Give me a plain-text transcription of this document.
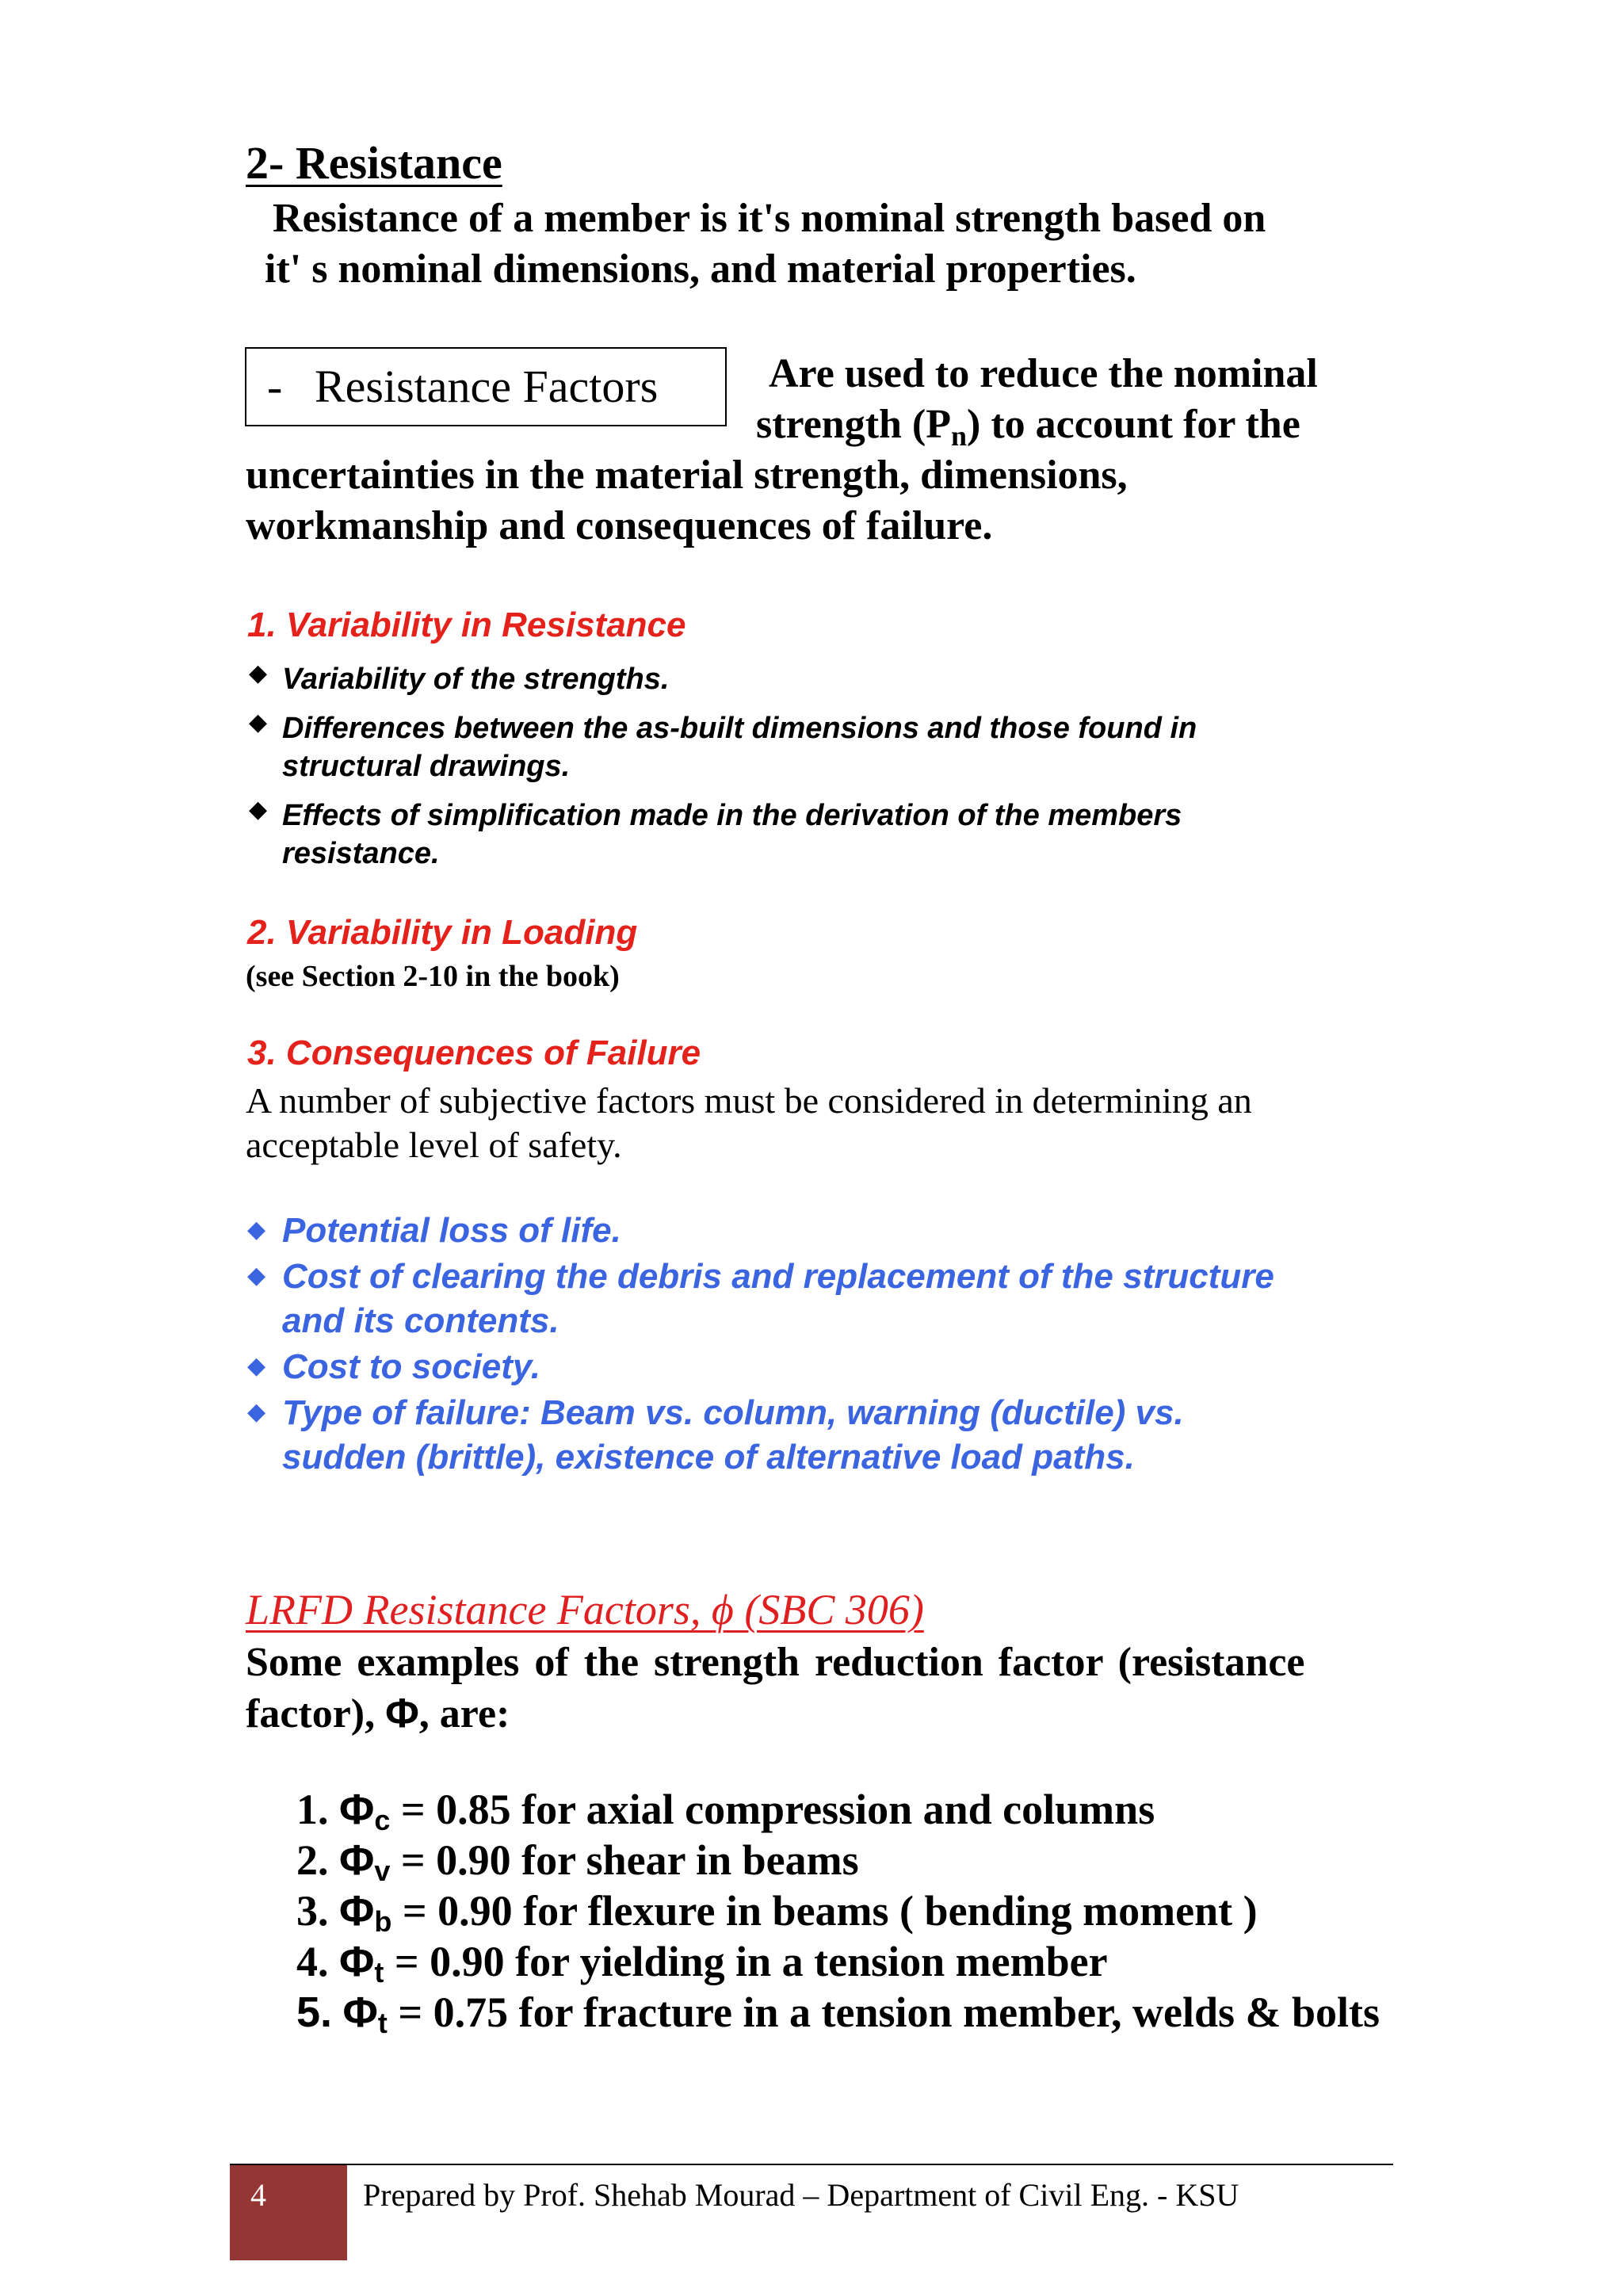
2- Resistance
Resistance of a member is it's nominal strength based on
it' s nominal dimensions, and material properties.
- Resistance Factors	Are used to reduce the nominal
strength (Pn) to account for the
uncertainties in the material strength, dimensions,
workmanship and consequences of failure.
1. Variability in Resistance
◆ Variability of the strengths.
◆ Differences between the as-built dimensions and those found in
structural drawings.
◆ Effects of simplification made in the derivation of the members
resistance.
2. Variability in Loading
(see Section 2-10 in the book)
3. Consequences of Failure
A number of subjective factors must be considered in determining an
acceptable level of safety.
◆ Potential loss of life.
◆ Cost of clearing the debris and replacement of the structure
and its contents.
◆ Cost to society.
◆ Type of failure: Beam vs. column, warning (ductile) vs.
sudden (brittle), existence of alternative load paths.
LRFD Resistance Factors, ϕ (SBC 306)
Some examples of the strength reduction factor (resistance
factor), Φ, are:
1. $\Phi_c = 0.85$ for axial compression and columns
2. $\Phi_v = 0.90$ for shear in beams
3. $\Phi_b = 0.90$ for flexure in beams ( bending moment )
4. $\Phi_t = 0.90$ for yielding in a tension member
5. $\Phi_t = 0.75$ for fracture in a tension member, welds & bolts
4	Prepared by Prof. Shehab Mourad – Department of Civil Eng. - KSU
